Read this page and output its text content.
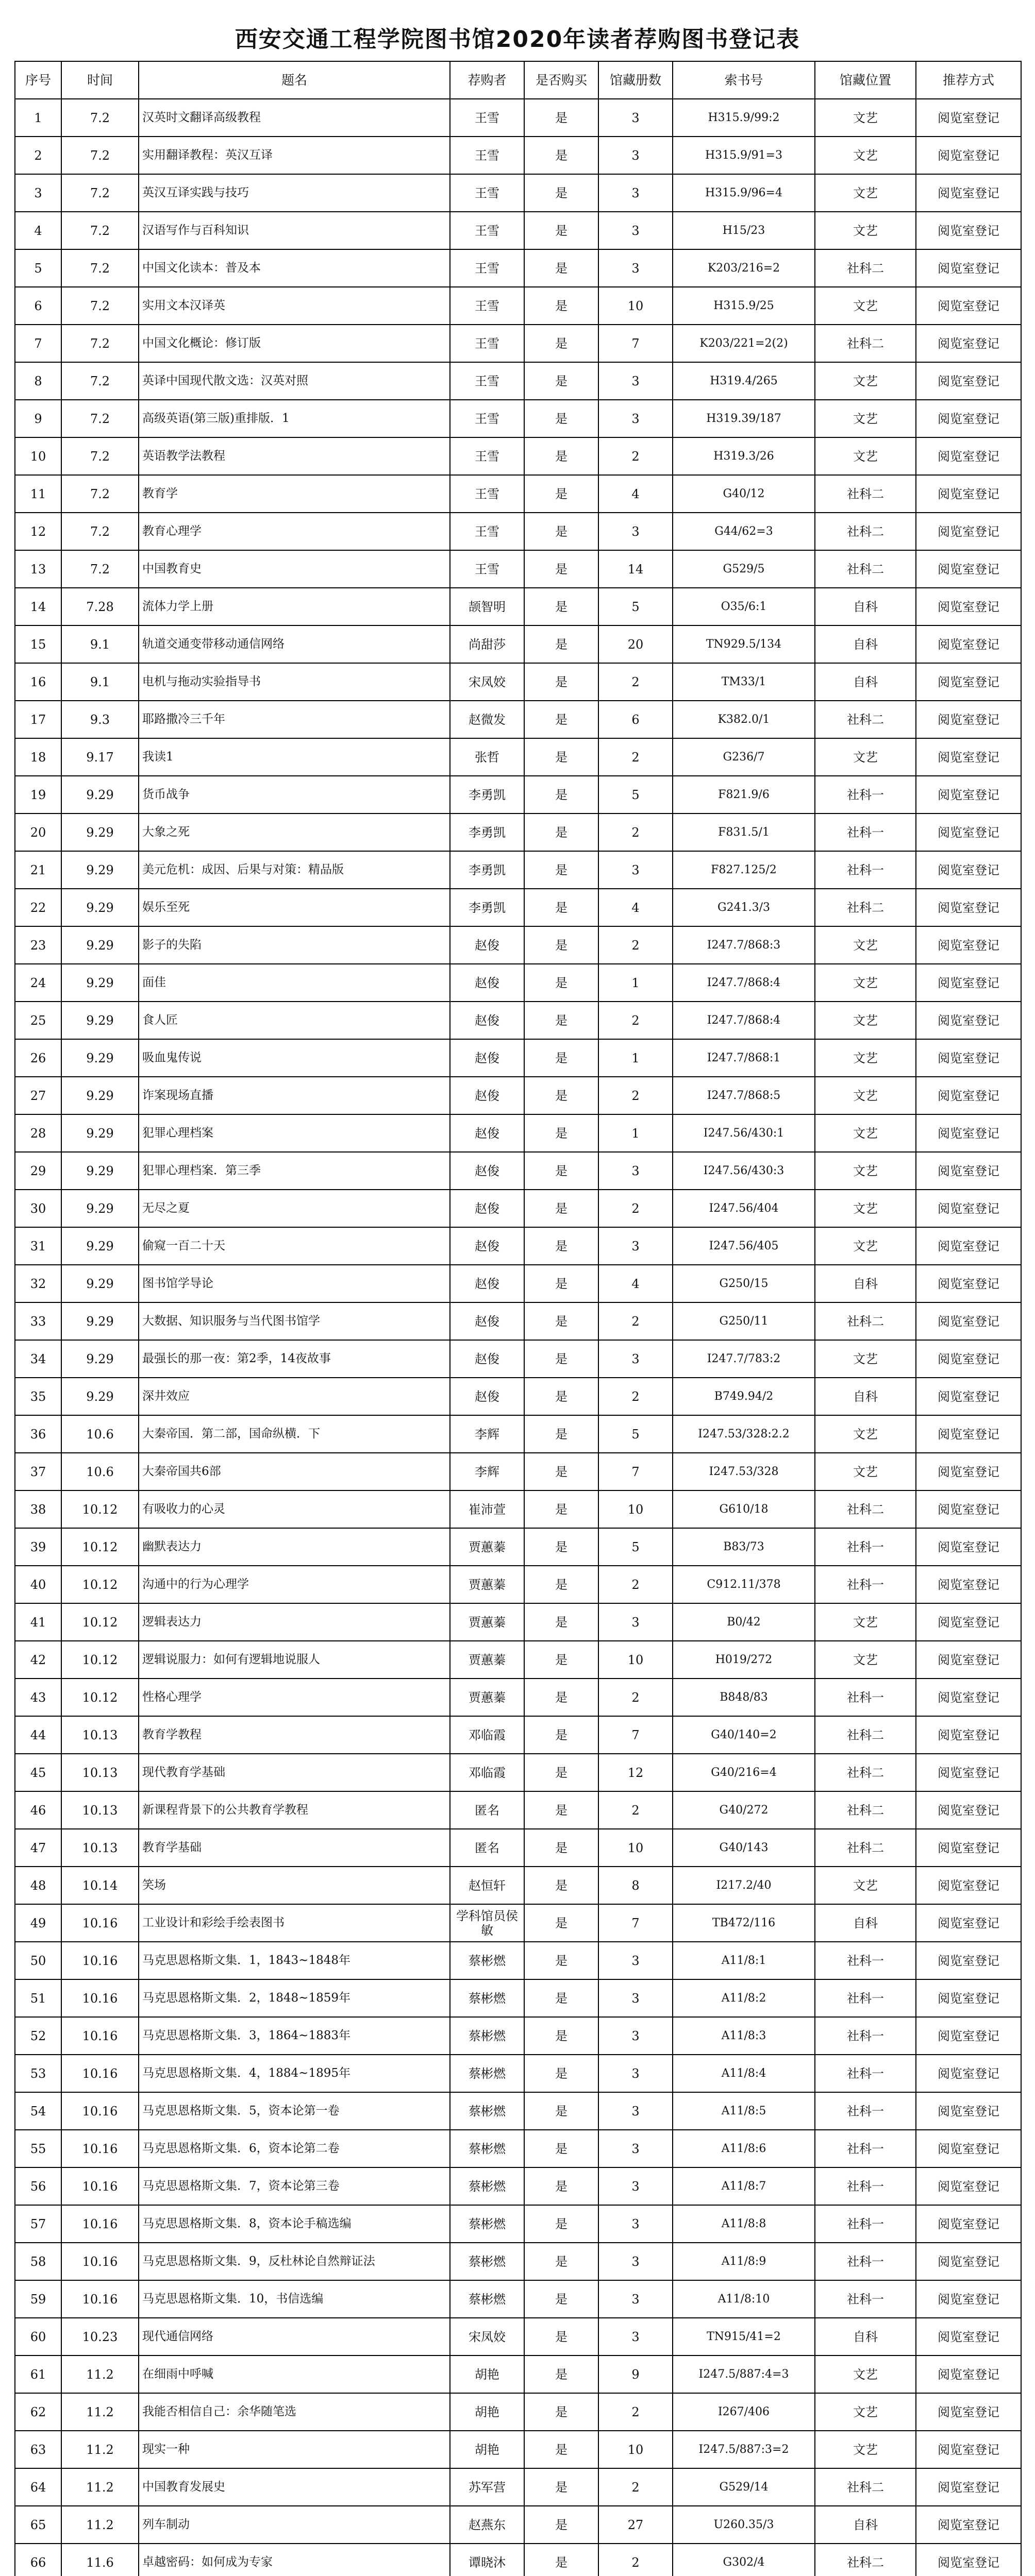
西安交通工程学院图书馆2020年读者荐购图书登记表
序号	时间	题名	荐购者	是否购买	馆藏册数	索书号	馆藏位置	推荐方式
1	7.2	汉英时文翻译高级教程	王雪	是	3	H315.9/99:2	文艺	阅览室登记
2	7.2	实用翻译教程：英汉互译	王雪	是	3	H315.9/91=3	文艺	阅览室登记
3	7.2	英汉互译实践与技巧	王雪	是	3	H315.9/96=4	文艺	阅览室登记
4	7.2	汉语写作与百科知识	王雪	是	3	H15/23	文艺	阅览室登记
5	7.2	中国文化读本：普及本	王雪	是	3	K203/216=2	社科二	阅览室登记
6	7.2	实用文本汉译英	王雪	是	10	H315.9/25	文艺	阅览室登记
7	7.2	中国文化概论：修订版	王雪	是	7	K203/221=2(2)	社科二	阅览室登记
8	7.2	英译中国现代散文选：汉英对照	王雪	是	3	H319.4/265	文艺	阅览室登记
9	7.2	高级英语(第三版)重排版．1	王雪	是	3	H319.39/187	文艺	阅览室登记
10	7.2	英语教学法教程	王雪	是	2	H319.3/26	文艺	阅览室登记
11	7.2	教育学	王雪	是	4	G40/12	社科二	阅览室登记
12	7.2	教育心理学	王雪	是	3	G44/62=3	社科二	阅览室登记
13	7.2	中国教育史	王雪	是	14	G529/5	社科二	阅览室登记
14	7.28	流体力学上册	颉智明	是	5	O35/6:1	自科	阅览室登记
15	9.1	轨道交通变带移动通信网络	尚甜莎	是	20	TN929.5/134	自科	阅览室登记
16	9.1	电机与拖动实验指导书	宋凤姣	是	2	TM33/1	自科	阅览室登记
17	9.3	耶路撒冷三千年	赵微发	是	6	K382.0/1	社科二	阅览室登记
18	9.17	我读1	张哲	是	2	G236/7	文艺	阅览室登记
19	9.29	货币战争	李勇凯	是	5	F821.9/6	社科一	阅览室登记
20	9.29	大象之死	李勇凯	是	2	F831.5/1	社科一	阅览室登记
21	9.29	美元危机：成因、后果与对策：精品版	李勇凯	是	3	F827.125/2	社科一	阅览室登记
22	9.29	娱乐至死	李勇凯	是	4	G241.3/3	社科二	阅览室登记
23	9.29	影子的失陷	赵俊	是	2	I247.7/868:3	文艺	阅览室登记
24	9.29	面佳	赵俊	是	1	I247.7/868:4	文艺	阅览室登记
25	9.29	食人匠	赵俊	是	2	I247.7/868:4	文艺	阅览室登记
26	9.29	吸血鬼传说	赵俊	是	1	I247.7/868:1	文艺	阅览室登记
27	9.29	诈案现场直播	赵俊	是	2	I247.7/868:5	文艺	阅览室登记
28	9.29	犯罪心理档案	赵俊	是	1	I247.56/430:1	文艺	阅览室登记
29	9.29	犯罪心理档案．第三季	赵俊	是	3	I247.56/430:3	文艺	阅览室登记
30	9.29	无尽之夏	赵俊	是	2	I247.56/404	文艺	阅览室登记
31	9.29	偷窥一百二十天	赵俊	是	3	I247.56/405	文艺	阅览室登记
32	9.29	图书馆学导论	赵俊	是	4	G250/15	自科	阅览室登记
33	9.29	大数据、知识服务与当代图书馆学	赵俊	是	2	G250/11	社科二	阅览室登记
34	9.29	最强长的那一夜：第2季，14夜故事	赵俊	是	3	I247.7/783:2	文艺	阅览室登记
35	9.29	深井效应	赵俊	是	2	B749.94/2	自科	阅览室登记
36	10.6	大秦帝国．第二部，国命纵横．下	李辉	是	5	I247.53/328:2.2	文艺	阅览室登记
37	10.6	大秦帝国共6部	李辉	是	7	I247.53/328	文艺	阅览室登记
38	10.12	有吸收力的心灵	崔沛萱	是	10	G610/18	社科二	阅览室登记
39	10.12	幽默表达力	贾蕙蓁	是	5	B83/73	社科一	阅览室登记
40	10.12	沟通中的行为心理学	贾蕙蓁	是	2	C912.11/378	社科一	阅览室登记
41	10.12	逻辑表达力	贾蕙蓁	是	3	B0/42	文艺	阅览室登记
42	10.12	逻辑说服力：如何有逻辑地说服人	贾蕙蓁	是	10	H019/272	文艺	阅览室登记
43	10.12	性格心理学	贾蕙蓁	是	2	B848/83	社科一	阅览室登记
44	10.13	教育学教程	邓临霞	是	7	G40/140=2	社科二	阅览室登记
45	10.13	现代教育学基础	邓临霞	是	12	G40/216=4	社科二	阅览室登记
46	10.13	新课程背景下的公共教育学教程	匿名	是	2	G40/272	社科二	阅览室登记
47	10.13	教育学基础	匿名	是	10	G40/143	社科二	阅览室登记
48	10.14	笑场	赵恒轩	是	8	I217.2/40	文艺	阅览室登记
49	10.16	工业设计和彩绘手绘表图书	学科馆员侯敏	是	7	TB472/116	自科	阅览室登记
50	10.16	马克思恩格斯文集．1，1843~1848年	蔡彬燃	是	3	A11/8:1	社科一	阅览室登记
51	10.16	马克思恩格斯文集．2，1848~1859年	蔡彬燃	是	3	A11/8:2	社科一	阅览室登记
52	10.16	马克思恩格斯文集．3，1864~1883年	蔡彬燃	是	3	A11/8:3	社科一	阅览室登记
53	10.16	马克思恩格斯文集．4，1884~1895年	蔡彬燃	是	3	A11/8:4	社科一	阅览室登记
54	10.16	马克思恩格斯文集．5，资本论第一卷	蔡彬燃	是	3	A11/8:5	社科一	阅览室登记
55	10.16	马克思恩格斯文集．6，资本论第二卷	蔡彬燃	是	3	A11/8:6	社科一	阅览室登记
56	10.16	马克思恩格斯文集．7，资本论第三卷	蔡彬燃	是	3	A11/8:7	社科一	阅览室登记
57	10.16	马克思恩格斯文集．8，资本论手稿选编	蔡彬燃	是	3	A11/8:8	社科一	阅览室登记
58	10.16	马克思恩格斯文集．9，反杜林论自然辩证法	蔡彬燃	是	3	A11/8:9	社科一	阅览室登记
59	10.16	马克思恩格斯文集．10，书信选编	蔡彬燃	是	3	A11/8:10	社科一	阅览室登记
60	10.23	现代通信网络	宋凤姣	是	3	TN915/41=2	自科	阅览室登记
61	11.2	在细雨中呼喊	胡艳	是	9	I247.5/887:4=3	文艺	阅览室登记
62	11.2	我能否相信自己：余华随笔选	胡艳	是	2	I267/406	文艺	阅览室登记
63	11.2	现实一种	胡艳	是	10	I247.5/887:3=2	文艺	阅览室登记
64	11.2	中国教育发展史	苏军营	是	2	G529/14	社科二	阅览室登记
65	11.2	列车制动	赵燕东	是	27	U260.35/3	自科	阅览室登记
66	11.6	卓越密码：如何成为专家	谭晓沐	是	2	G302/4	社科二	阅览室登记
